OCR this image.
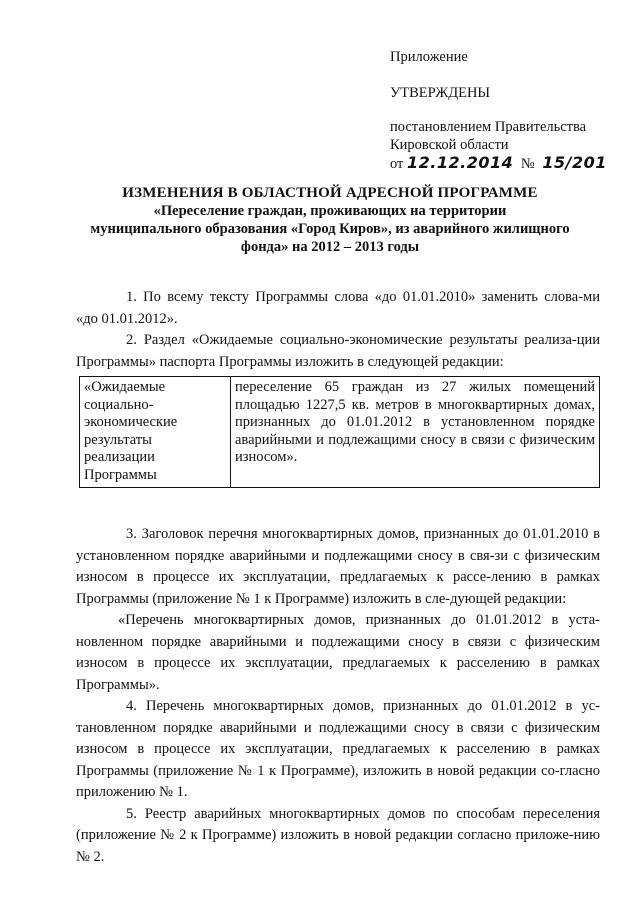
Приложение
УТВЕРЖДЕНЫ
постановлением Правительства
Кировской области
от 12.12.2014 № 15/201
ИЗМЕНЕНИЯ В ОБЛАСТНОЙ АДРЕСНОЙ ПРОГРАММЕ
«Переселение граждан, проживающих на территории
муниципального образования «Город Киров», из аварийного жилищного
фонда» на 2012 – 2013 годы

1. По всему тексту Программы слова «до 01.01.2010» заменить слова-ми «до 01.01.2012».

2. Раздел «Ожидаемые социально-экономические результаты реализа-ции Программы» паспорта Программы изложить в следующей редакции:

«Ожидаемые социально-экономические результаты реализации Программы	переселение 65 граждан из 27 жилых помещений площадью 1227,5 кв. метров в многоквартирных домах, признанных до 01.01.2012 в установленном порядке аварийными и подлежащими сносу в связи с физическим износом».

3. Заголовок перечня многоквартирных домов, признанных до 01.01.2010 в установленном порядке аварийными и подлежащими сносу в свя-зи с физическим износом в процессе их эксплуатации, предлагаемых к рассе-лению в рамках Программы (приложение № 1 к Программе) изложить в сле-дующей редакции:

«Перечень многоквартирных домов, признанных до 01.01.2012 в уста-новленном порядке аварийными и подлежащими сносу в связи с физическим износом в процессе их эксплуатации, предлагаемых к расселению в рамках Программы».

4. Перечень многоквартирных домов, признанных до 01.01.2012 в ус-тановленном порядке аварийными и подлежащими сносу в связи с физическим износом в процессе их эксплуатации, предлагаемых к расселению в рамках Программы (приложение № 1 к Программе), изложить в новой редакции со-гласно приложению № 1.

5. Реестр аварийных многоквартирных домов по способам переселения (приложение № 2 к Программе) изложить в новой редакции согласно приложе-нию № 2.
